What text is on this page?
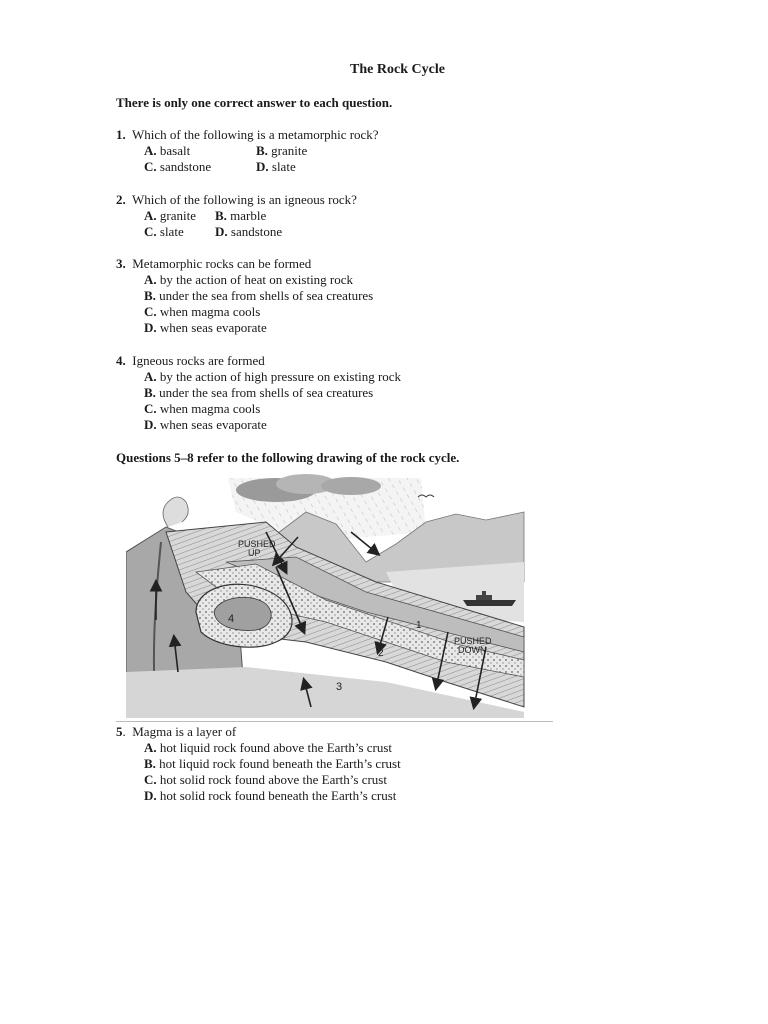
The Rock Cycle
There is only one correct answer to each question.
1. Which of the following is a metamorphic rock?
A. basalt	B. granite
C. sandstone	D. slate
2. Which of the following is an igneous rock?
A. granite	B. marble
C. slate	D. sandstone
3. Metamorphic rocks can be formed
A. by the action of heat on existing rock
B. under the sea from shells of sea creatures
C. when magma cools
D. when seas evaporate
4. Igneous rocks are formed
A. by the action of high pressure on existing rock
B. under the sea from shells of sea creatures
C. when magma cools
D. when seas evaporate
Questions 5–8 refer to the following drawing of the rock cycle.
PUSHED
UP
PUSHED
DOWN
1
2
3
4
5.  Magma is a layer of
A. hot liquid rock found above the Earth’s crust
B. hot liquid rock found beneath the Earth’s crust
C. hot solid rock found above the Earth’s crust
D. hot solid rock found beneath the Earth’s crust
